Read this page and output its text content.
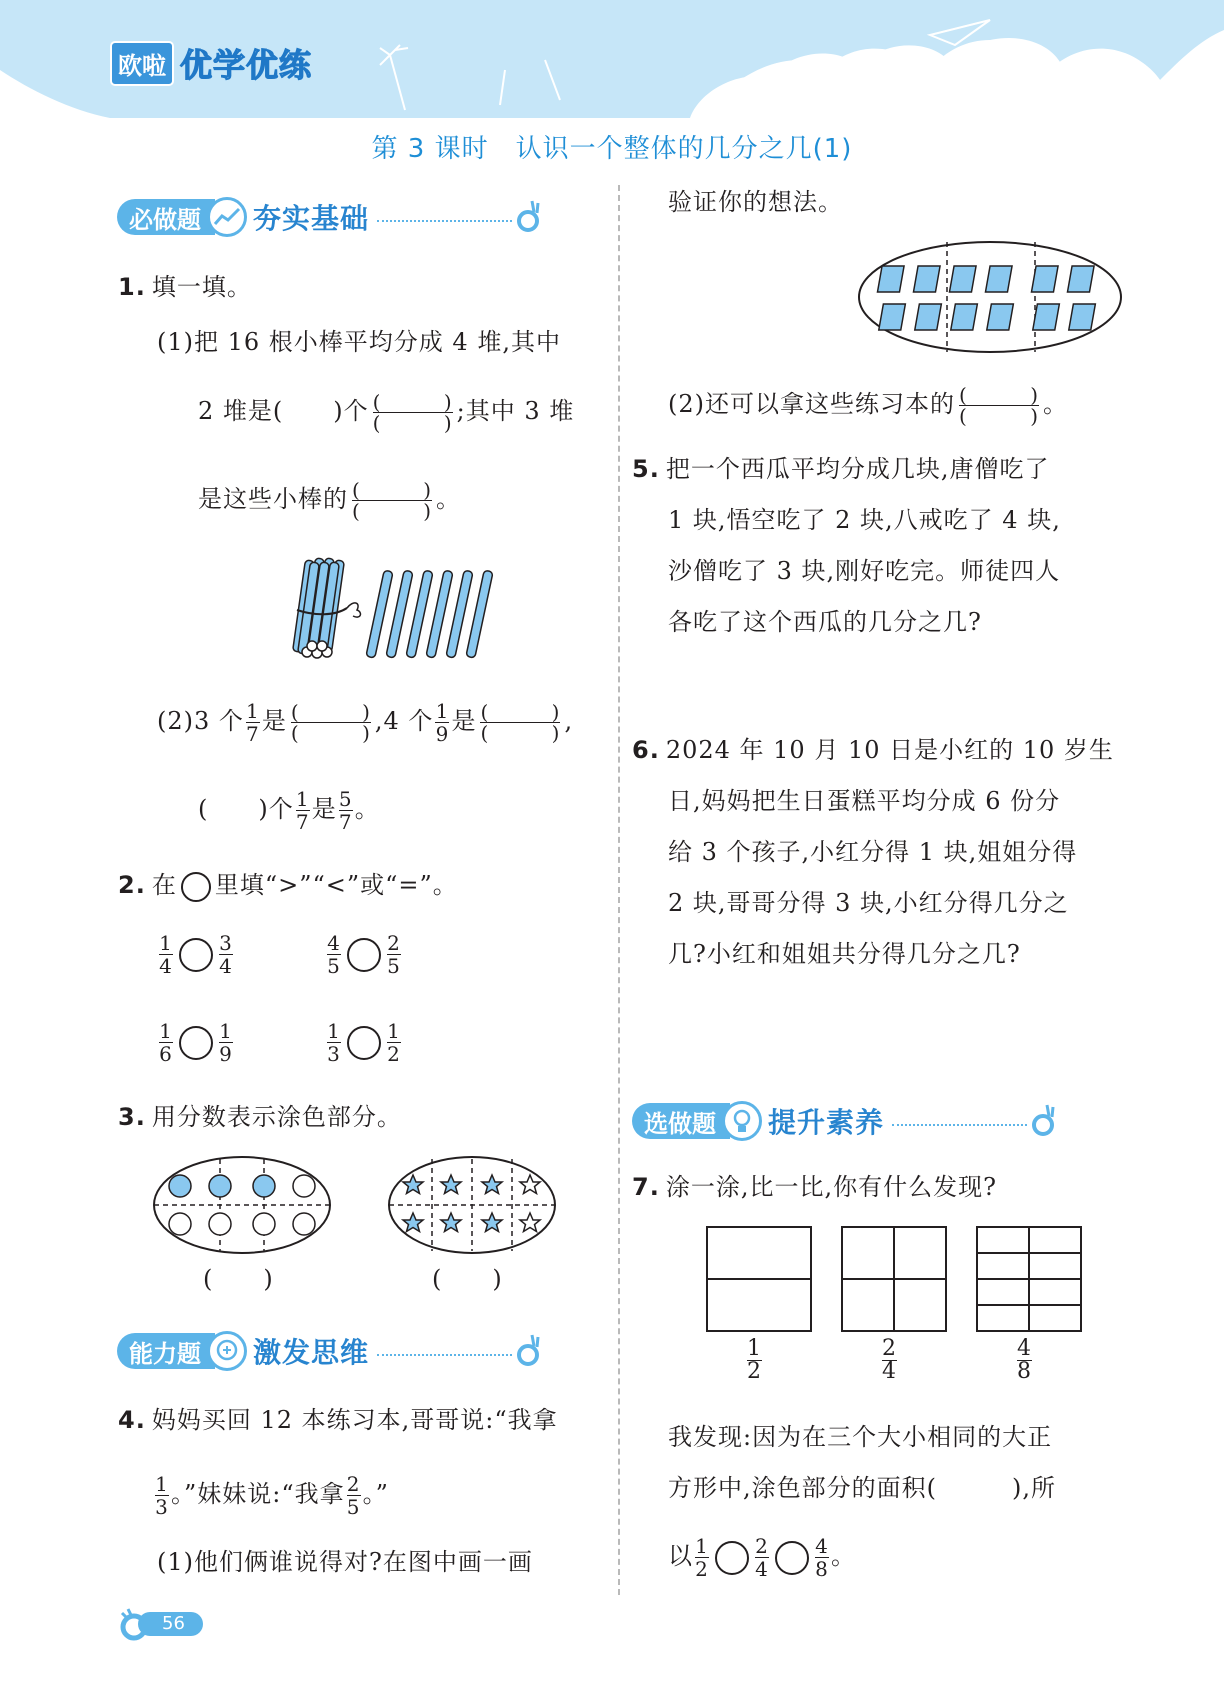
欧啦 优学优练
第 3 课时　认识一个整体的几分之几(1)
必做题	夯实基础
1. 填一填。
(1)把 16 根小棒平均分成 4 堆,其中
2 堆是(　　)个 (	)
(	) ;其中 3 堆
是这些小棒的 (	)
(	) 。
(2)3 个 $\frac{1}{7}$ 是 (	)
(	) ,4 个 $\frac{1}{9}$ 是 (	)
(	) ,
(　　)个 $\frac{1}{7}$ 是 $\frac{5}{7}$ 。
2. 在 里填“>”“<”或“=”。
$\frac{1}{4} \frac{3}{4}$	$\frac{4}{5} \frac{2}{5}$
$\frac{1}{6} \frac{1}{9}$	$\frac{1}{3} \frac{1}{2}$
3. 用分数表示涂色部分。
(　　)	(　　)
能力题	激发思维
4. 妈妈买回 12 本练习本,哥哥说:“我拿
$\frac{1}{3}$ 。”妹妹说:“我拿 $\frac{2}{5}$ 。”
(1)他们俩谁说得对?在图中画一画
验证你的想法。
(2)还可以拿这些练习本的 (	)
(	) 。
5. 把一个西瓜平均分成几块,唐僧吃了
1 块,悟空吃了 2 块,八戒吃了 4 块,
沙僧吃了 3 块,刚好吃完。师徒四人
各吃了这个西瓜的几分之几?
6. 2024 年 10 月 10 日是小红的 10 岁生
日,妈妈把生日蛋糕平均分成 6 份分
给 3 个孩子,小红分得 1 块,姐姐分得
2 块,哥哥分得 3 块,小红分得几分之
几?小红和姐姐共分得几分之几?
选做题	提升素养
7. 涂一涂,比一比,你有什么发现?
$\frac{1}{2}$	$\frac{2}{4}$	$\frac{4}{8}$
我发现:因为在三个大小相同的大正
方形中,涂色部分的面积(　　　),所
以 $\frac{1}{2} \frac{2}{4} \frac{4}{8}$ 。
56
